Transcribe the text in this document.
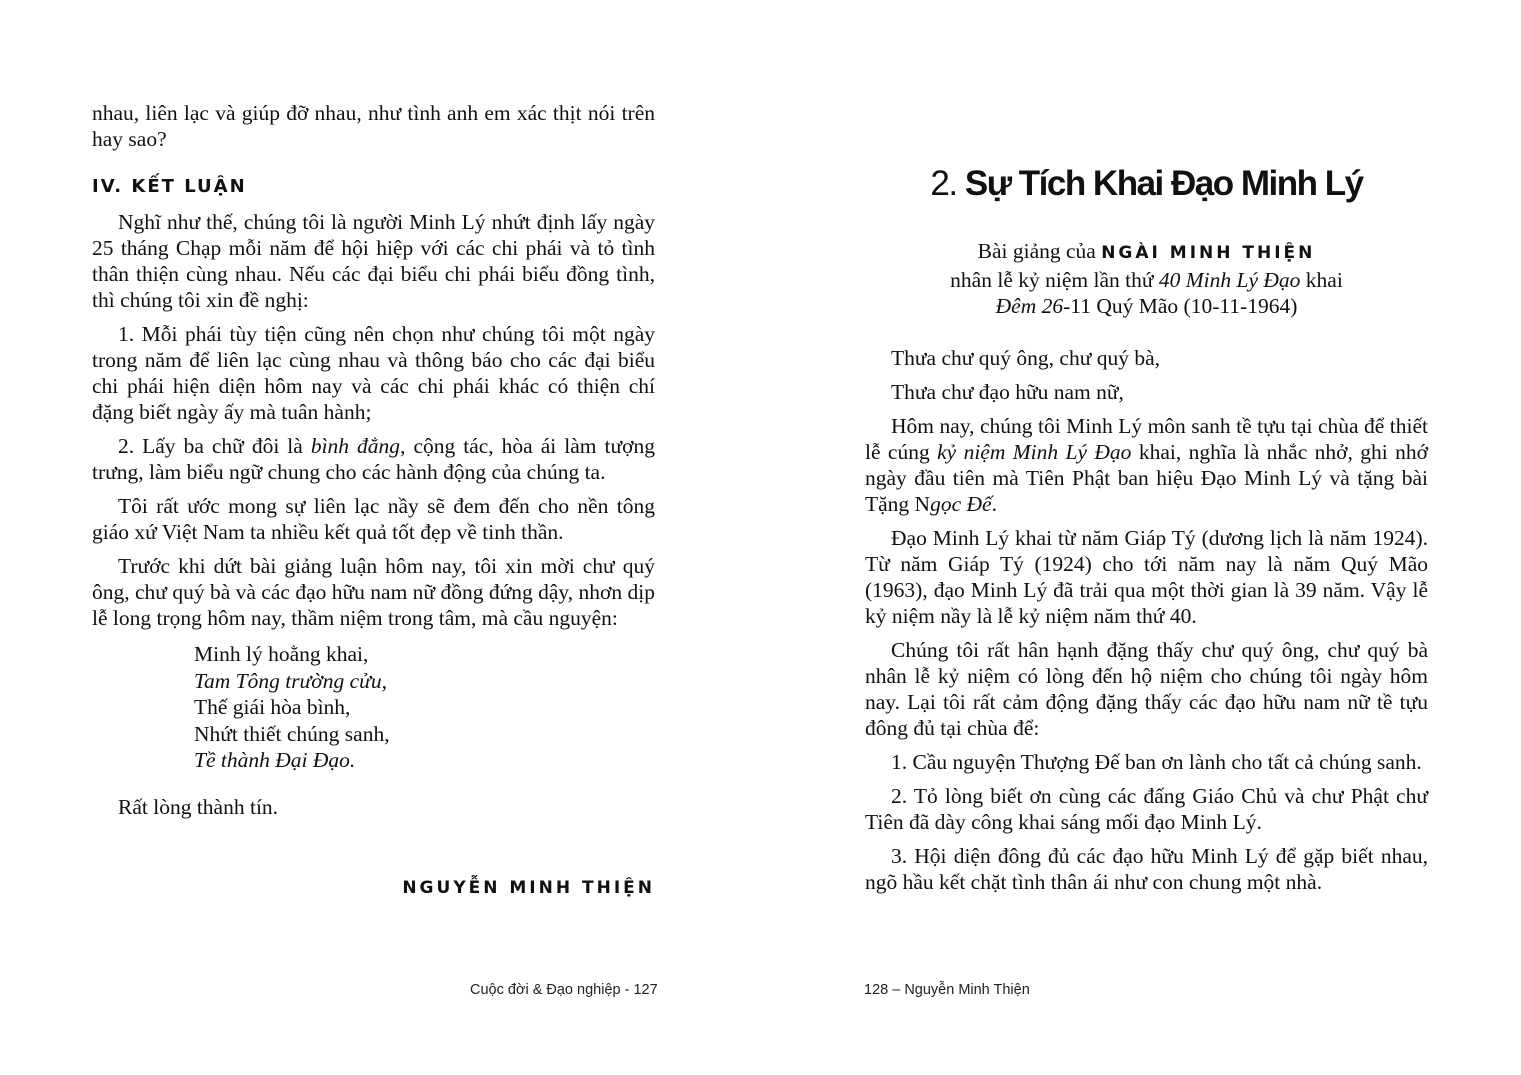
nhau, liên lạc và giúp đỡ nhau, như tình anh em xác thịt nói trên hay sao?

IV. KẾT LUẬN

Nghĩ như thế, chúng tôi là người Minh Lý nhứt định lấy ngày 25 tháng Chạp mỗi năm để hội hiệp với các chi phái và tỏ tình thân thiện cùng nhau. Nếu các đại biểu chi phái biểu đồng tình, thì chúng tôi xin đề nghị:

1. Mỗi phái tùy tiện cũng nên chọn như chúng tôi một ngày trong năm để liên lạc cùng nhau và thông báo cho các đại biểu chi phái hiện diện hôm nay và các chi phái khác có thiện chí đặng biết ngày ấy mà tuân hành;

2. Lấy ba chữ đôi là bình đẳng, cộng tác, hòa ái làm tượng trưng, làm biểu ngữ chung cho các hành động của chúng ta.

Tôi rất ước mong sự liên lạc nầy sẽ đem đến cho nền tông giáo xứ Việt Nam ta nhiều kết quả tốt đẹp về tinh thần.

Trước khi dứt bài giảng luận hôm nay, tôi xin mời chư quý ông, chư quý bà và các đạo hữu nam nữ đồng đứng dậy, nhơn dịp lễ long trọng hôm nay, thầm niệm trong tâm, mà cầu nguyện:

Minh lý hoằng khai,
Tam Tông trường cửu,
Thế giái hòa bình,
Nhứt thiết chúng sanh,
Tề thành Đại Đạo.

Rất lòng thành tín.

NGUYỄN MINH THIỆN
Cuộc đời & Đạo nghiệp - 127
2. Sự Tích Khai Đạo Minh Lý
Bài giảng của NGÀI MINH THIỆN
nhân lễ kỷ niệm lần thứ 40 Minh Lý Đạo khai
Đêm 26-11 Quý Mão (10-11-1964)

Thưa chư quý ông, chư quý bà,

Thưa chư đạo hữu nam nữ,

Hôm nay, chúng tôi Minh Lý môn sanh tề tựu tại chùa để thiết lễ cúng kỷ niệm Minh Lý Đạo khai, nghĩa là nhắc nhở, ghi nhớ ngày đầu tiên mà Tiên Phật ban hiệu Đạo Minh Lý và tặng bài Tặng Ngọc Đế.

Đạo Minh Lý khai từ năm Giáp Tý (dương lịch là năm 1924). Từ năm Giáp Tý (1924) cho tới năm nay là năm Quý Mão (1963), đạo Minh Lý đã trải qua một thời gian là 39 năm. Vậy lễ kỷ niệm nầy là lễ kỷ niệm năm thứ 40.

Chúng tôi rất hân hạnh đặng thấy chư quý ông, chư quý bà nhân lễ kỷ niệm có lòng đến hộ niệm cho chúng tôi ngày hôm nay. Lại tôi rất cảm động đặng thấy các đạo hữu nam nữ tề tựu đông đủ tại chùa để:

1. Cầu nguyện Thượng Đế ban ơn lành cho tất cả chúng sanh.

2. Tỏ lòng biết ơn cùng các đấng Giáo Chủ và chư Phật chư Tiên đã dày công khai sáng mối đạo Minh Lý.

3. Hội diện đông đủ các đạo hữu Minh Lý để gặp biết nhau, ngõ hầu kết chặt tình thân ái như con chung một nhà.

128 – Nguyễn Minh Thiện
